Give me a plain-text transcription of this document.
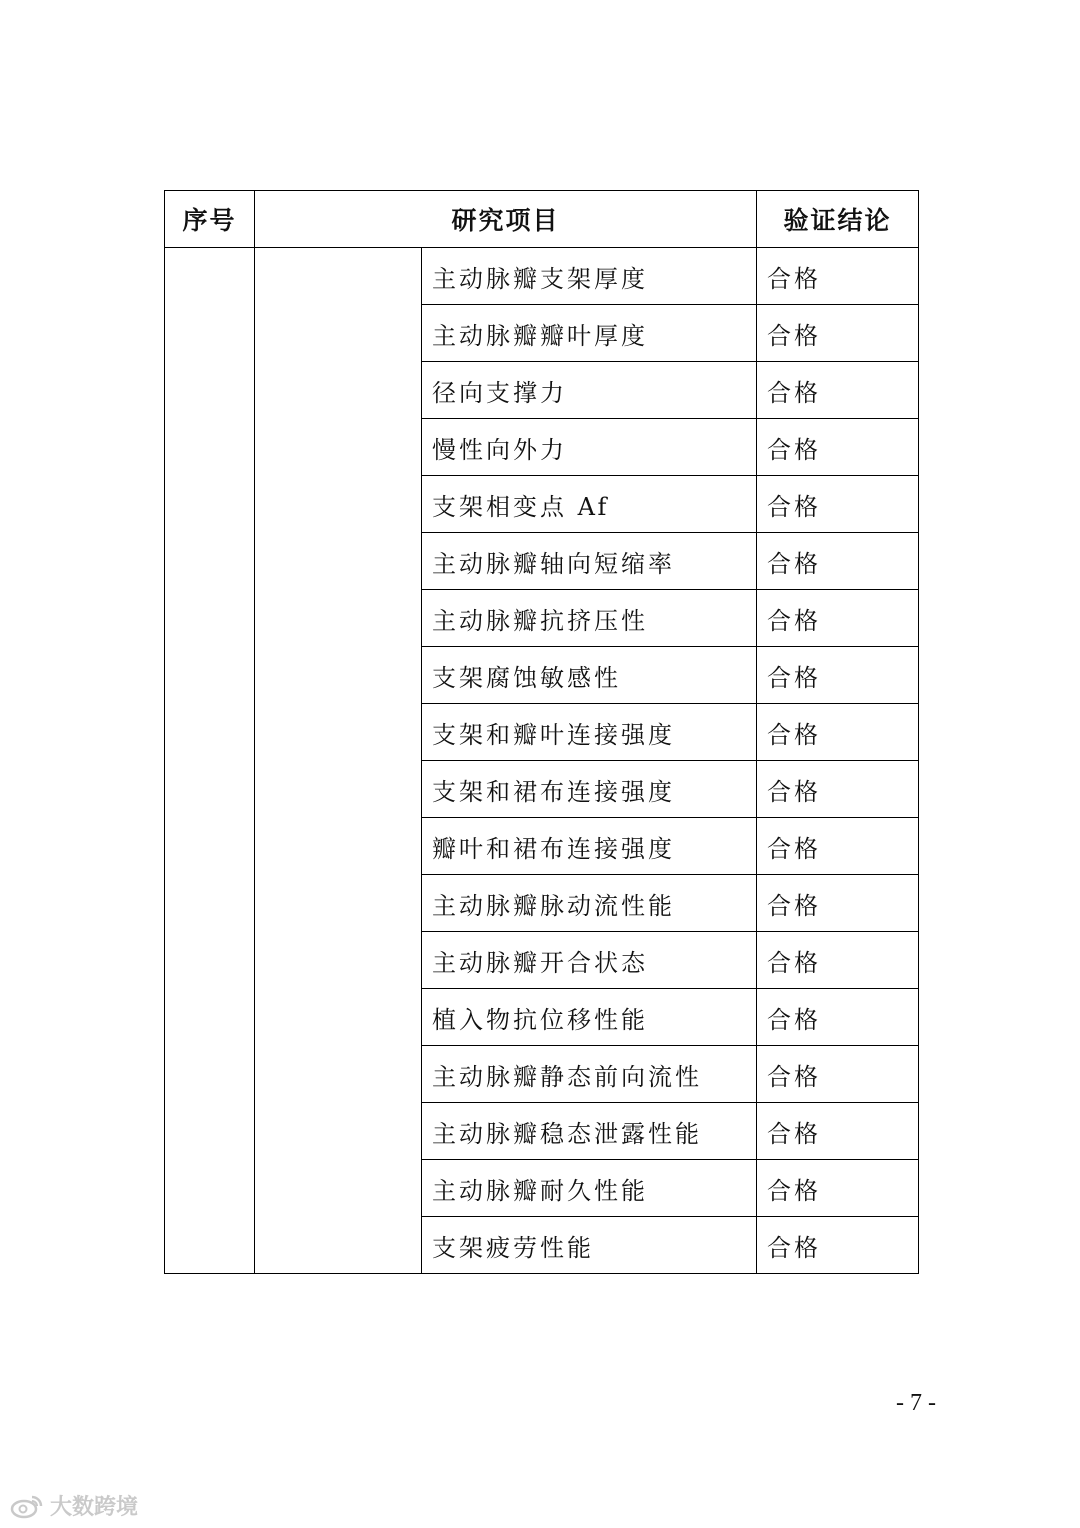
序号	研究项目		验证结论
		主动脉瓣支架厚度	合格
		主动脉瓣瓣叶厚度	合格
		径向支撑力	合格
		慢性向外力	合格
		支架相变点 Af	合格
		主动脉瓣轴向短缩率	合格
		主动脉瓣抗挤压性	合格
		支架腐蚀敏感性	合格
		支架和瓣叶连接强度	合格
		支架和裙布连接强度	合格
		瓣叶和裙布连接强度	合格
		主动脉瓣脉动流性能	合格
		主动脉瓣开合状态	合格
		植入物抗位移性能	合格
		主动脉瓣静态前向流性	合格
		主动脉瓣稳态泄露性能	合格
		主动脉瓣耐久性能	合格
		支架疲劳性能	合格
- 7 -
大数跨境
